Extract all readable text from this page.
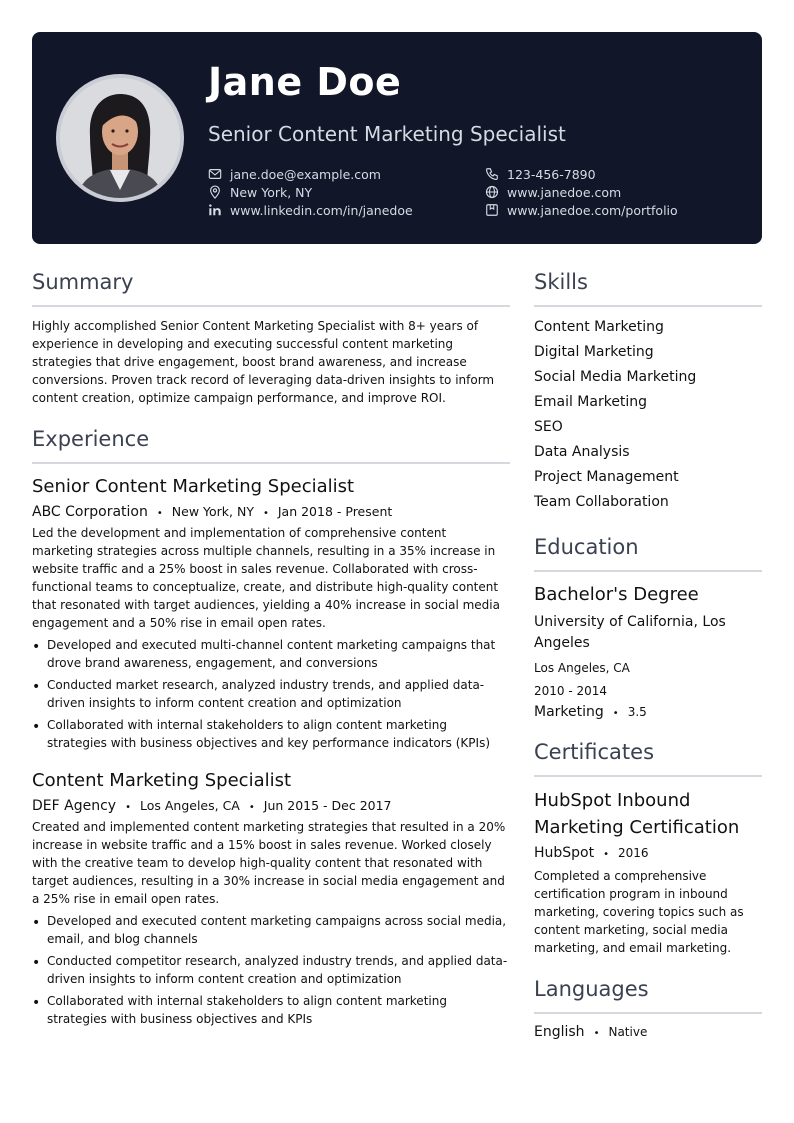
Jane Doe
Senior Content Marketing Specialist
jane.doe@example.com	123-456-7890
New York, NY	www.janedoe.com
www.linkedin.com/in/janedoe	www.janedoe.com/portfolio
Summary

Highly accomplished Senior Content Marketing Specialist with 8+ years of experience in developing and executing successful content marketing strategies that drive engagement, boost brand awareness, and increase conversions. Proven track record of leveraging data-driven insights to inform content creation, optimize campaign performance, and improve ROI.

Experience
Senior Content Marketing Specialist
ABC Corporation • New York, NY • Jan 2018 - Present

Led the development and implementation of comprehensive content marketing strategies across multiple channels, resulting in a 35% increase in website traffic and a 25% boost in sales revenue. Collaborated with cross-functional teams to conceptualize, create, and distribute high-quality content that resonated with target audiences, yielding a 40% increase in social media engagement and a 50% rise in email open rates.

• Developed and executed multi-channel content marketing campaigns that drove brand awareness, engagement, and conversions
• Conducted market research, analyzed industry trends, and applied data-driven insights to inform content creation and optimization
• Collaborated with internal stakeholders to align content marketing strategies with business objectives and key performance indicators (KPIs)
Content Marketing Specialist
DEF Agency • Los Angeles, CA • Jun 2015 - Dec 2017

Created and implemented content marketing strategies that resulted in a 20% increase in website traffic and a 15% boost in sales revenue. Worked closely with the creative team to develop high-quality content that resonated with target audiences, resulting in a 30% increase in social media engagement and a 25% rise in email open rates.

• Developed and executed content marketing campaigns across social media, email, and blog channels
• Conducted competitor research, analyzed industry trends, and applied data-driven insights to inform content creation and optimization
• Collaborated with internal stakeholders to align content marketing strategies with business objectives and KPIs
Skills
Content Marketing
Digital Marketing
Social Media Marketing
Email Marketing
SEO
Data Analysis
Project Management
Team Collaboration
Education
Bachelor's Degree
University of California, Los Angeles
Los Angeles, CA
2010 - 2014
Marketing • 3.5
Certificates
HubSpot Inbound Marketing Certification
HubSpot • 2016

Completed a comprehensive certification program in inbound marketing, covering topics such as content marketing, social media marketing, and email marketing.

Languages
English • Native
